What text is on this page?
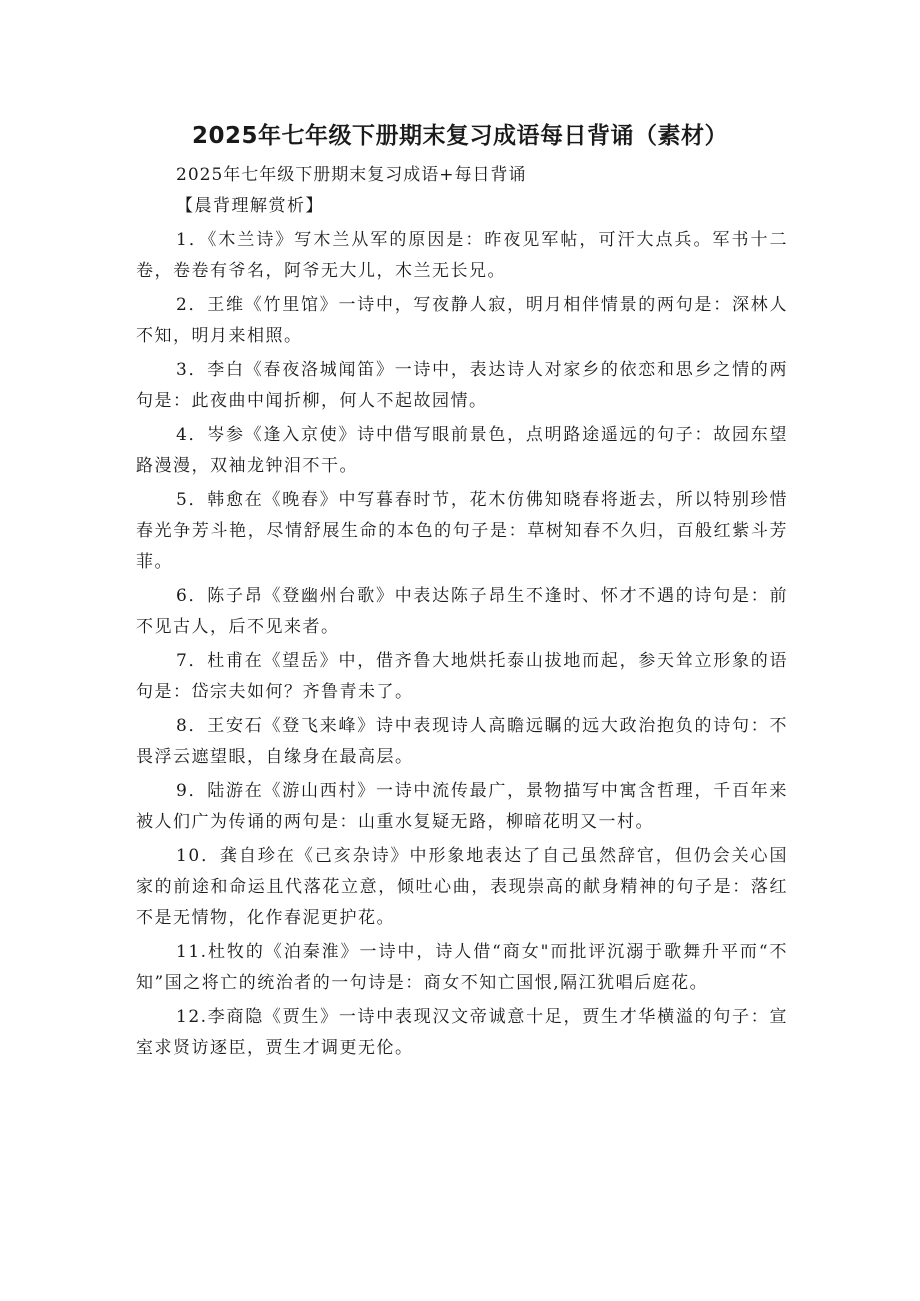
2025年七年级下册期末复习成语每日背诵（素材）

2025年七年级下册期末复习成语+每日背诵

【晨背理解赏析】

1．《木兰诗》写木兰从军的原因是：昨夜见军帖，可汗大点兵。军书十二卷，卷卷有爷名，阿爷无大儿，木兰无长兄。

2．王维《竹里馆》一诗中，写夜静人寂，明月相伴情景的两句是：深林人不知，明月来相照。

3．李白《春夜洛城闻笛》一诗中，表达诗人对家乡的依恋和思乡之情的两句是：此夜曲中闻折柳，何人不起故园情。

4．岑参《逢入京使》诗中借写眼前景色，点明路途遥远的句子：故园东望路漫漫，双袖龙钟泪不干。

5．韩愈在《晚春》中写暮春时节，花木仿佛知晓春将逝去，所以特别珍惜春光争芳斗艳，尽情舒展生命的本色的句子是：草树知春不久归，百般红紫斗芳菲。

6．陈子昂《登幽州台歌》中表达陈子昂生不逢时、怀才不遇的诗句是：前不见古人，后不见来者。

7．杜甫在《望岳》中，借齐鲁大地烘托泰山拔地而起，参天耸立形象的语句是：岱宗夫如何？齐鲁青未了。

8．王安石《登飞来峰》诗中表现诗人高瞻远瞩的远大政治抱负的诗句：不畏浮云遮望眼，自缘身在最高层。

9．陆游在《游山西村》一诗中流传最广，景物描写中寓含哲理，千百年来被人们广为传诵的两句是：山重水复疑无路，柳暗花明又一村。

10．龚自珍在《己亥杂诗》中形象地表达了自己虽然辞官，但仍会关心国家的前途和命运且代落花立意，倾吐心曲，表现崇高的献身精神的句子是：落红不是无情物，化作春泥更护花。

11.杜牧的《泊秦淮》一诗中，诗人借“商女"而批评沉溺于歌舞升平而“不知”国之将亡的统治者的一句诗是：商女不知亡国恨,隔江犹唱后庭花。

12.李商隐《贾生》一诗中表现汉文帝诚意十足，贾生才华横溢的句子：宣室求贤访逐臣，贾生才调更无伦。
